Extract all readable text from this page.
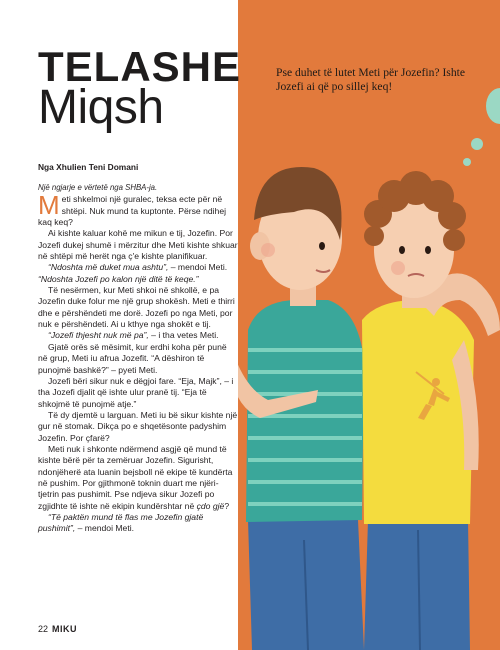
TELASHE
Miqsh
Pse duhet të lutet Meti për Jozefin? Ishte Jozefi ai që po sillej keq!
Nga Xhulien Teni Domani

Një ngjarje e vërtetë nga SHBA-ja.

Meti shkelmoi një guralec, teksa ecte për në shtëpi. Nuk mund ta kuptonte. Përse ndihej kaq keq?

Ai kishte kaluar kohë me mikun e tij, Jozefin. Por Jozefi dukej shumë i mërzitur dhe Meti kishte shkuar në shtëpi më herët nga ç'e kishte planifikuar.

“Ndoshta më duket mua ashtu”, – mendoi Meti. “Ndoshta Jozefi po kalon një ditë të keqe.”

Të nesërmen, kur Meti shkoi në shkollë, e pa Jozefin duke folur me një grup shokësh. Meti e thirri dhe e përshëndeti me dorë. Jozefi po nga Meti, por nuk e përshëndeti. Ai u kthye nga shokët e tij.

“Jozefi thjesht nuk më pa”, – i tha vetes Meti.

Gjatë orës së mësimit, kur erdhi koha për punë në grup, Meti iu afrua Jozefit. “A dëshiron të punojmë bashkë?” – pyeti Meti.

Jozefi bëri sikur nuk e dëgjoi fare. “Eja, Majk”, – i tha Jozefi djalit që ishte ulur pranë tij. “Eja të shkojmë të punojmë atje.”

Të dy djemtë u larguan. Meti iu bë sikur kishte një gur në stomak. Dikça po e shqetësonte padyshim Jozefin. Por çfarë?

Meti nuk i shkonte ndërmend asgjë që mund të kishte bërë për ta zemëruar Jozefin. Sigurisht, ndonjëherë ata luanin bejsboll në ekipe të kundërta në pushim. Por gjithmonë toknin duart me njëri-tjetrin pas pushimit. Pse ndjeva sikur Jozefi po zgjidhte të ishte në ekipin kundërshtar në çdo gjë?

“Të paktën mund të flas me Jozefin gjatë pushimit”, – mendoi Meti.

22 MIKU
